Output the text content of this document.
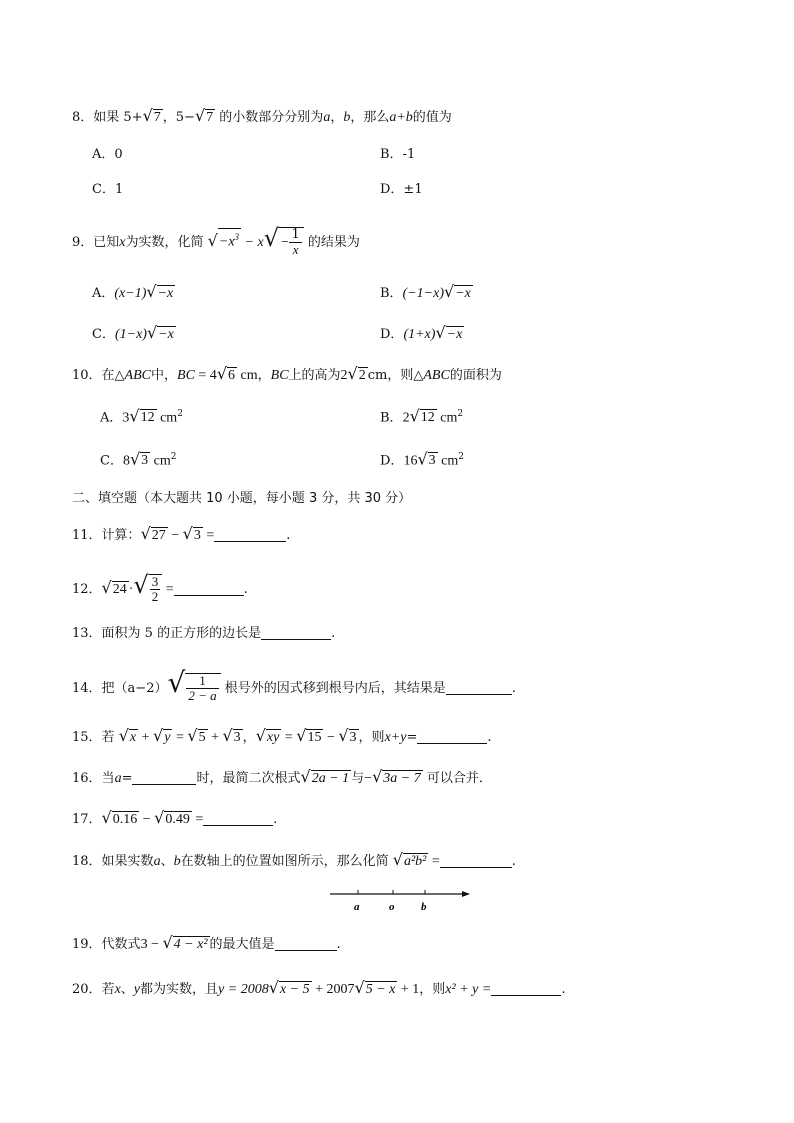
8．如果 5+√7 ，5−√7 的小数部分分别为a，b，那么a+b的值为
A．0	B．-1
C．1	D．±1
9．已知x为实数，化简 $√-x^3 - x√- \frac{1}{x}$ 的结果为
A．(x−1)√−x	B．(−1−x)√−x
C．(1−x)√−x	D．(1+x)√−x
10．在△ABC中，BC = 4√6 cm，BC上的高为2√2 cm，则△ABC的面积为
A．3√12 $cm^2$	B．2√12 $cm^2$
C．8√3 $cm^2$	D．16√3 $cm^2$
二、填空题（本大题共 10 小题，每小题 3 分，共 30 分）
11．计算：√27 − √3 =	.
12．√24 ·√ $\frac{3}{2}$ =	.
13．面积为 5 的正方形的边长是	.
14．把$(a-2)√ \frac{1}{2 - a}$ 根号外的因式移到根号内后，其结果是	.
15．若 √x + √y = √5 + √3 ，√xy = √15 − √3 ，则x+y=	.
16．当a=	时，最简二次根式√2a − 1 与−√3a − 7 可以合并．
17．√0.16 − √0.49 =	.
18．如果实数a、b在数轴上的位置如图所示，那么化简 √a²b² =	.
a	o b
19．代数式3 − √4 − x² 的最大值是	.
20．若x、y都为实数，且y = 2008√x − 5 + 2007√5 − x + 1，则x² + y =	.
